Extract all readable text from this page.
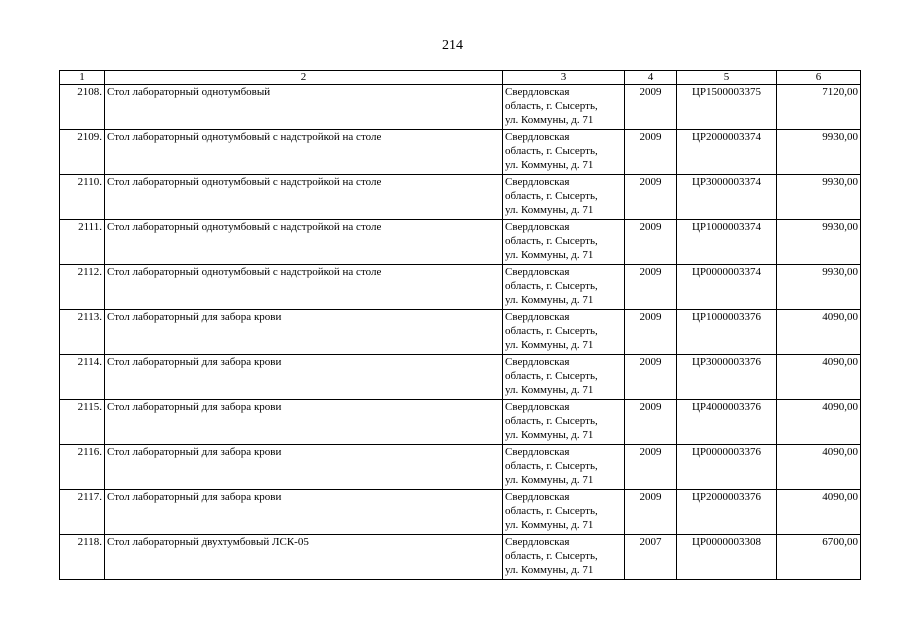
214
1	2	3	4	5	6
2108.	Стол лабораторный однотумбовый	Свердловская
область, г. Сысерть,
ул. Коммуны, д. 71	2009	ЦР1500003375	7120,00
2109.	Стол лабораторный однотумбовый с надстройкой на столе	Свердловская
область, г. Сысерть,
ул. Коммуны, д. 71	2009	ЦР2000003374	9930,00
2110.	Стол лабораторный однотумбовый с надстройкой на столе	Свердловская
область, г. Сысерть,
ул. Коммуны, д. 71	2009	ЦР3000003374	9930,00
2111.	Стол лабораторный однотумбовый с надстройкой на столе	Свердловская
область, г. Сысерть,
ул. Коммуны, д. 71	2009	ЦР1000003374	9930,00
2112.	Стол лабораторный однотумбовый с надстройкой на столе	Свердловская
область, г. Сысерть,
ул. Коммуны, д. 71	2009	ЦР0000003374	9930,00
2113.	Стол лабораторный для забора крови	Свердловская
область, г. Сысерть,
ул. Коммуны, д. 71	2009	ЦР1000003376	4090,00
2114.	Стол лабораторный для забора крови	Свердловская
область, г. Сысерть,
ул. Коммуны, д. 71	2009	ЦР3000003376	4090,00
2115.	Стол лабораторный для забора крови	Свердловская
область, г. Сысерть,
ул. Коммуны, д. 71	2009	ЦР4000003376	4090,00
2116.	Стол лабораторный для забора крови	Свердловская
область, г. Сысерть,
ул. Коммуны, д. 71	2009	ЦР0000003376	4090,00
2117.	Стол лабораторный для забора крови	Свердловская
область, г. Сысерть,
ул. Коммуны, д. 71	2009	ЦР2000003376	4090,00
2118.	Стол лабораторный двухтумбовый ЛСК-05	Свердловская
область, г. Сысерть,
ул. Коммуны, д. 71	2007	ЦР0000003308	6700,00
